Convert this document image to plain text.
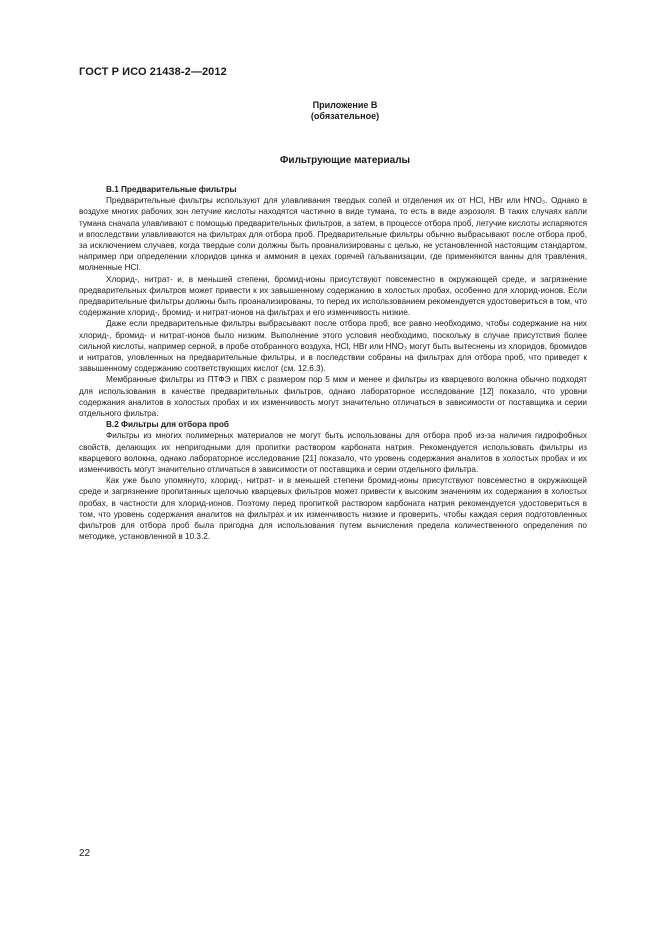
ГОСТ Р ИСО 21438-2—2012
Приложение В
(обязательное)
Фильтрующие материалы
В.1 Предварительные фильтры

Предварительные фильтры используют для улавливания твердых солей и отделения их от HCl, HBr или HNO₃. Однако в воздухе многих рабочих зон летучие кислоты находятся частично в виде тумана, то есть в виде аэрозоля. В таких случаях капли тумана сначала улавливают с помощью предварительных фильтров, а затем, в процессе отбора проб, летучие кислоты испаряются и впоследствии улавливаются на фильтрах для отбора проб. Предварительные фильтры обычно выбрасывают после отбора проб, за исключением случаев, когда твердые соли должны быть проанализированы с целью, не установленной настоящим стандартом, например при определении хлоридов цинка и аммония в цехах горячей гальванизации, где применяются ванны для травления, молненные HCl.

Хлорид-, нитрат- и, в меньшей степени, бромид-ионы присутствуют повсеместно в окружающей среде, и загрязнение предварительных фильтров может привести к их завышенному содержанию в холостых пробах, особенно для хлорид-ионов. Если предварительные фильтры должны быть проанализированы, то перед их использованием рекомендуется удостовериться в том, что содержание хлорид-, бромид- и нитрат-ионов на фильтрах и его изменчивость низкие.

Даже если предварительные фильтры выбрасывают после отбора проб, все равно необходимо, чтобы содержание на них хлорид-, бромид- и нитрат-ионов было низким. Выполнение этого условия необходимо, поскольку в случае присутствия более сильной кислоты, например серной, в пробе отобранного воздуха, HCl, HBr или HNO₃ могут быть вытеснены из хлоридов, бромидов и нитратов, уловленных на предварительные фильтры, и в последствии собраны на фильтрах для отбора проб, что приведет к завышенному содержанию соответствующих кислот (см. 12.6.3).

Мембранные фильтры из ПТФЭ и ПВХ с размером пор 5 мкм и менее и фильтры из кварцевого волокна обычно подходят для использования в качестве предварительных фильтров, однако лабораторное исследование [12] показало, что уровни содержания аналитов в холостых пробах и их изменчивость могут значительно отличаться в зависимости от поставщика и серии отдельного фильтра.

В.2 Фильтры для отбора проб

Фильтры из многих полимерных материалов не могут быть использованы для отбора проб из-за наличия гидрофобных свойств, делающих их непригодными для пропитки раствором карбоната натрия. Рекомендуется использовать фильтры из кварцевого волокна, однако лабораторное исследование [21] показало, что уровень содержания аналитов в холостых пробах и их изменчивость могут значительно отличаться в зависимости от поставщика и серии отдельного фильтра.

Как уже было упомянуто, хлорид-, нитрат- и в меньшей степени бромид-ионы присутствуют повсеместно в окружающей среде и загрязнение пропитанных щелочью кварцевых фильтров может привести к высоким значениям их содержания в холостых пробах, в частности для хлорид-ионов. Поэтому перед пропиткой раствором карбоната натрия рекомендуется удостовериться в том, что уровень содержания аналитов на фильтрах и их изменчивость низкие и проверить, чтобы каждая серия подготовленных фильтров для отбора проб была пригодна для использования путем вычисления предела количественного определения по методике, установленной в 10.3.2.

22
